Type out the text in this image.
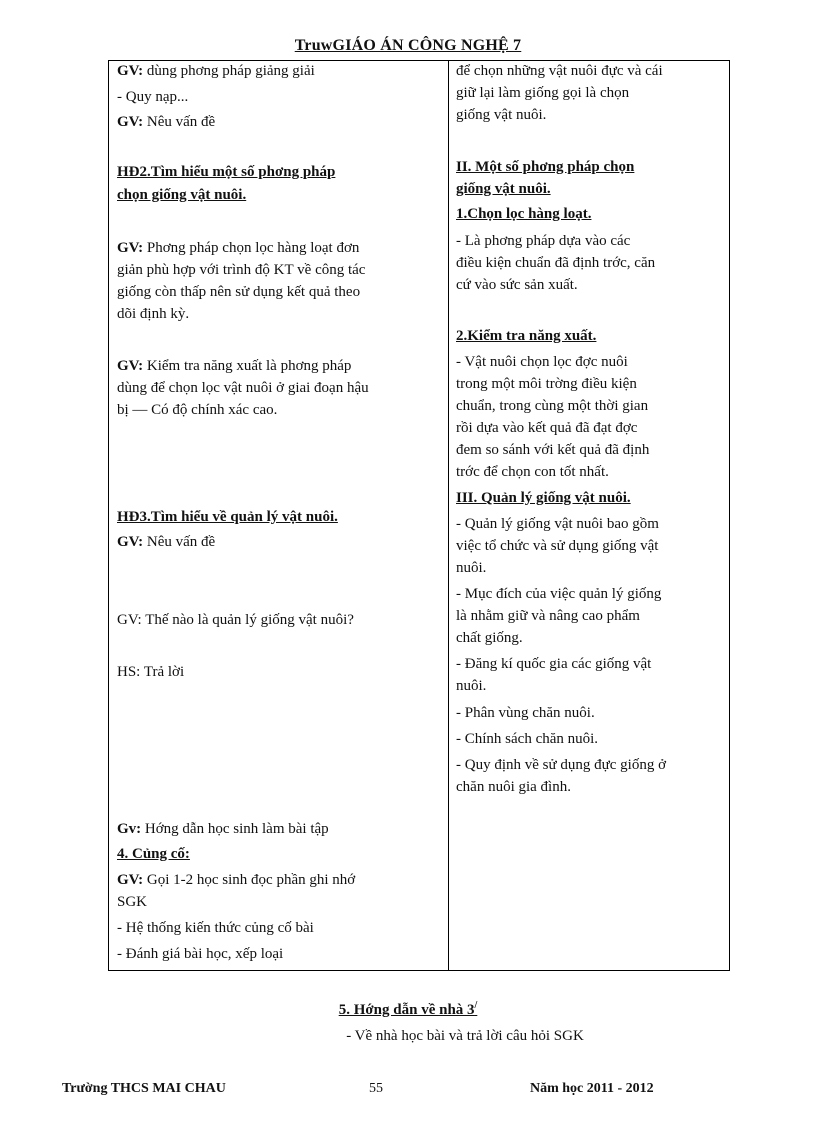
TruwGIÁO ÁN CÔNG NGHỆ 7
GV: dùng phơng pháp giảng giải
- Quy nạp...
GV: Nêu vấn đề
HĐ2.Tìm hiểu một số phơng pháp
chọn giống vật nuôi.
GV: Phơng pháp chọn lọc hàng loạt đơn
giản phù hợp với trình độ KT về công tác
giống còn thấp nên sử dụng kết quả theo
dõi định kỳ.
GV: Kiểm tra năng xuất là phơng pháp
dùng để chọn lọc vật nuôi ở giai đoạn hậu
bị — Có độ chính xác cao.
HĐ3.Tìm hiểu về quản lý vật nuôi.
GV: Nêu vấn đề
GV: Thế nào là quản lý giống vật nuôi?
HS: Trả lời
Gv: Hớng dẫn học sinh làm bài tập
4. Củng cố:
GV: Gọi 1-2 học sinh đọc phần ghi nhớ
SGK
- Hệ thống kiến thức củng cố bài
- Đánh giá bài học, xếp loại
để chọn những vật nuôi đực và cái
giữ lại làm giống gọi là chọn
giống vật nuôi.
II. Một số phơng pháp chọn
giống vật nuôi.
1.Chọn lọc hàng loạt.
- Là phơng pháp dựa vào các
điều kiện chuẩn đã định trớc, căn
cứ vào sức sản xuất.
2.Kiểm tra năng xuất.
- Vật nuôi chọn lọc đợc nuôi
trong một môi trờng điều kiện
chuẩn, trong cùng một thời gian
rồi dựa vào kết quả đã đạt đợc
đem so sánh với kết quả đã định
trớc để chọn con tốt nhất.
III. Quản lý giống vật nuôi.
- Quản lý giống vật nuôi bao gồm
việc tổ chức và sử dụng giống vật
nuôi.
- Mục đích của việc quản lý giống
là nhằm giữ và nâng cao phẩm
chất giống.
- Đăng kí quốc gia các giống vật
nuôi.
- Phân vùng chăn nuôi.
- Chính sách chăn nuôi.
- Quy định về sử dụng đực giống ở
chăn nuôi gia đình.
5. Hớng dẫn về nhà 3/
- Về nhà học bài và trả lời câu hỏi SGK
Trường THCS MAI CHAU	55	Năm học 2011 - 2012
